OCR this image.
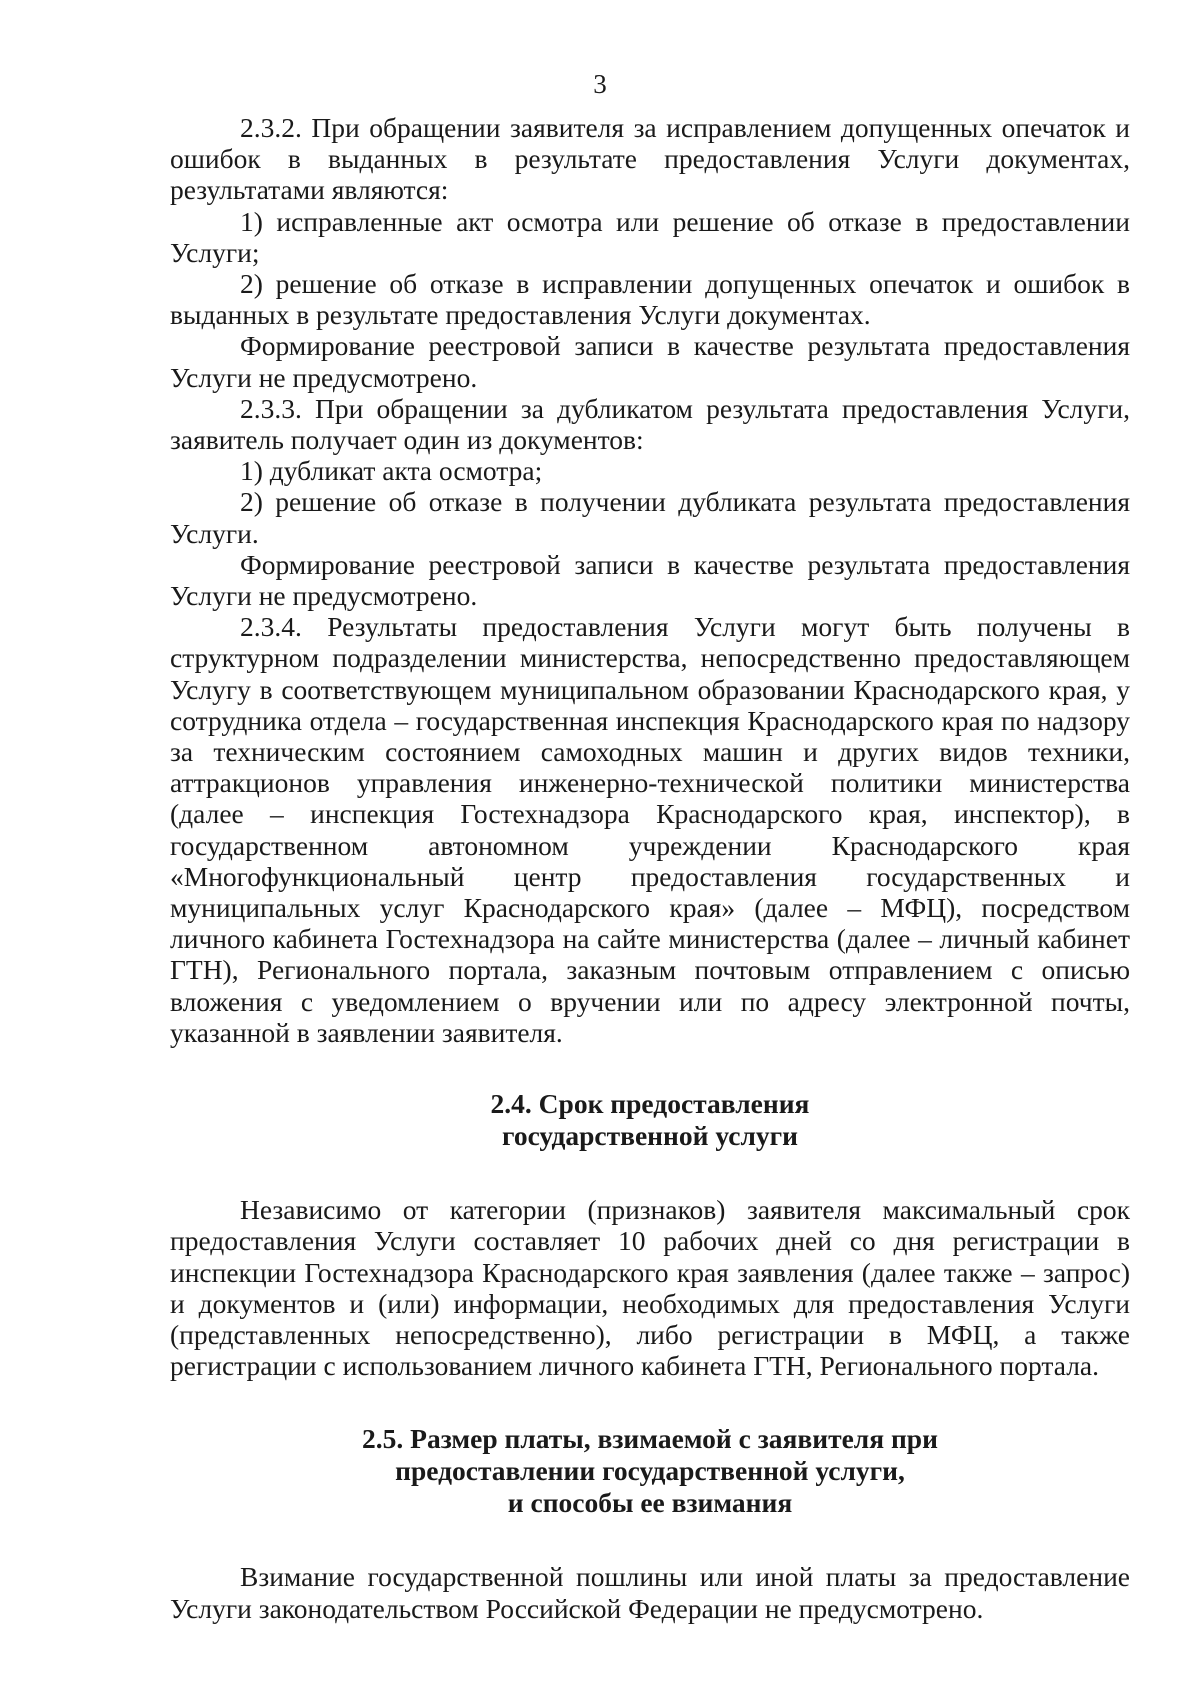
3

2.3.2. При обращении заявителя за исправлением допущенных опечаток и ошибок в выданных в результате предоставления Услуги документах, результатами являются:

1) исправленные акт осмотра или решение об отказе в предоставлении Услуги;

2) решение об отказе в исправлении допущенных опечаток и ошибок в выданных в результате предоставления Услуги документах.

Формирование реестровой записи в качестве результата предоставления Услуги не предусмотрено.

2.3.3. При обращении за дубликатом результата предоставления Услуги, заявитель получает один из документов:

1) дубликат акта осмотра;

2) решение об отказе в получении дубликата результата предоставления Услуги.

Формирование реестровой записи в качестве результата предоставления Услуги не предусмотрено.

2.3.4. Результаты предоставления Услуги могут быть получены в структурном подразделении министерства, непосредственно предоставляющем Услугу в соответствующем муниципальном образовании Краснодарского края, у сотрудника отдела – государственная инспекция Краснодарского края по надзору за техническим состоянием самоходных машин и других видов техники, аттракционов управления инженерно-технической политики министерства (далее – инспекция Гостехнадзора Краснодарского края, инспектор), в государственном автономном учреждении Краснодарского края «Многофункциональный центр предоставления государственных и муниципальных услуг Краснодарского края» (далее – МФЦ), посредством личного кабинета Гостехнадзора на сайте министерства (далее – личный кабинет ГТН), Регионального портала, заказным почтовым отправлением с описью вложения с уведомлением о вручении или по адресу электронной почты, указанной в заявлении заявителя.

2.4. Срок предоставления
государственной услуги

Независимо от категории (признаков) заявителя максимальный срок предоставления Услуги составляет 10 рабочих дней со дня регистрации в инспекции Гостехнадзора Краснодарского края заявления (далее также – запрос) и документов и (или) информации, необходимых для предоставления Услуги (представленных непосредственно), либо регистрации в МФЦ, а также регистрации с использованием личного кабинета ГТН, Регионального портала.

2.5. Размер платы, взимаемой с заявителя при
предоставлении государственной услуги,
и способы ее взимания

Взимание государственной пошлины или иной платы за предоставление Услуги законодательством Российской Федерации не предусмотрено.
